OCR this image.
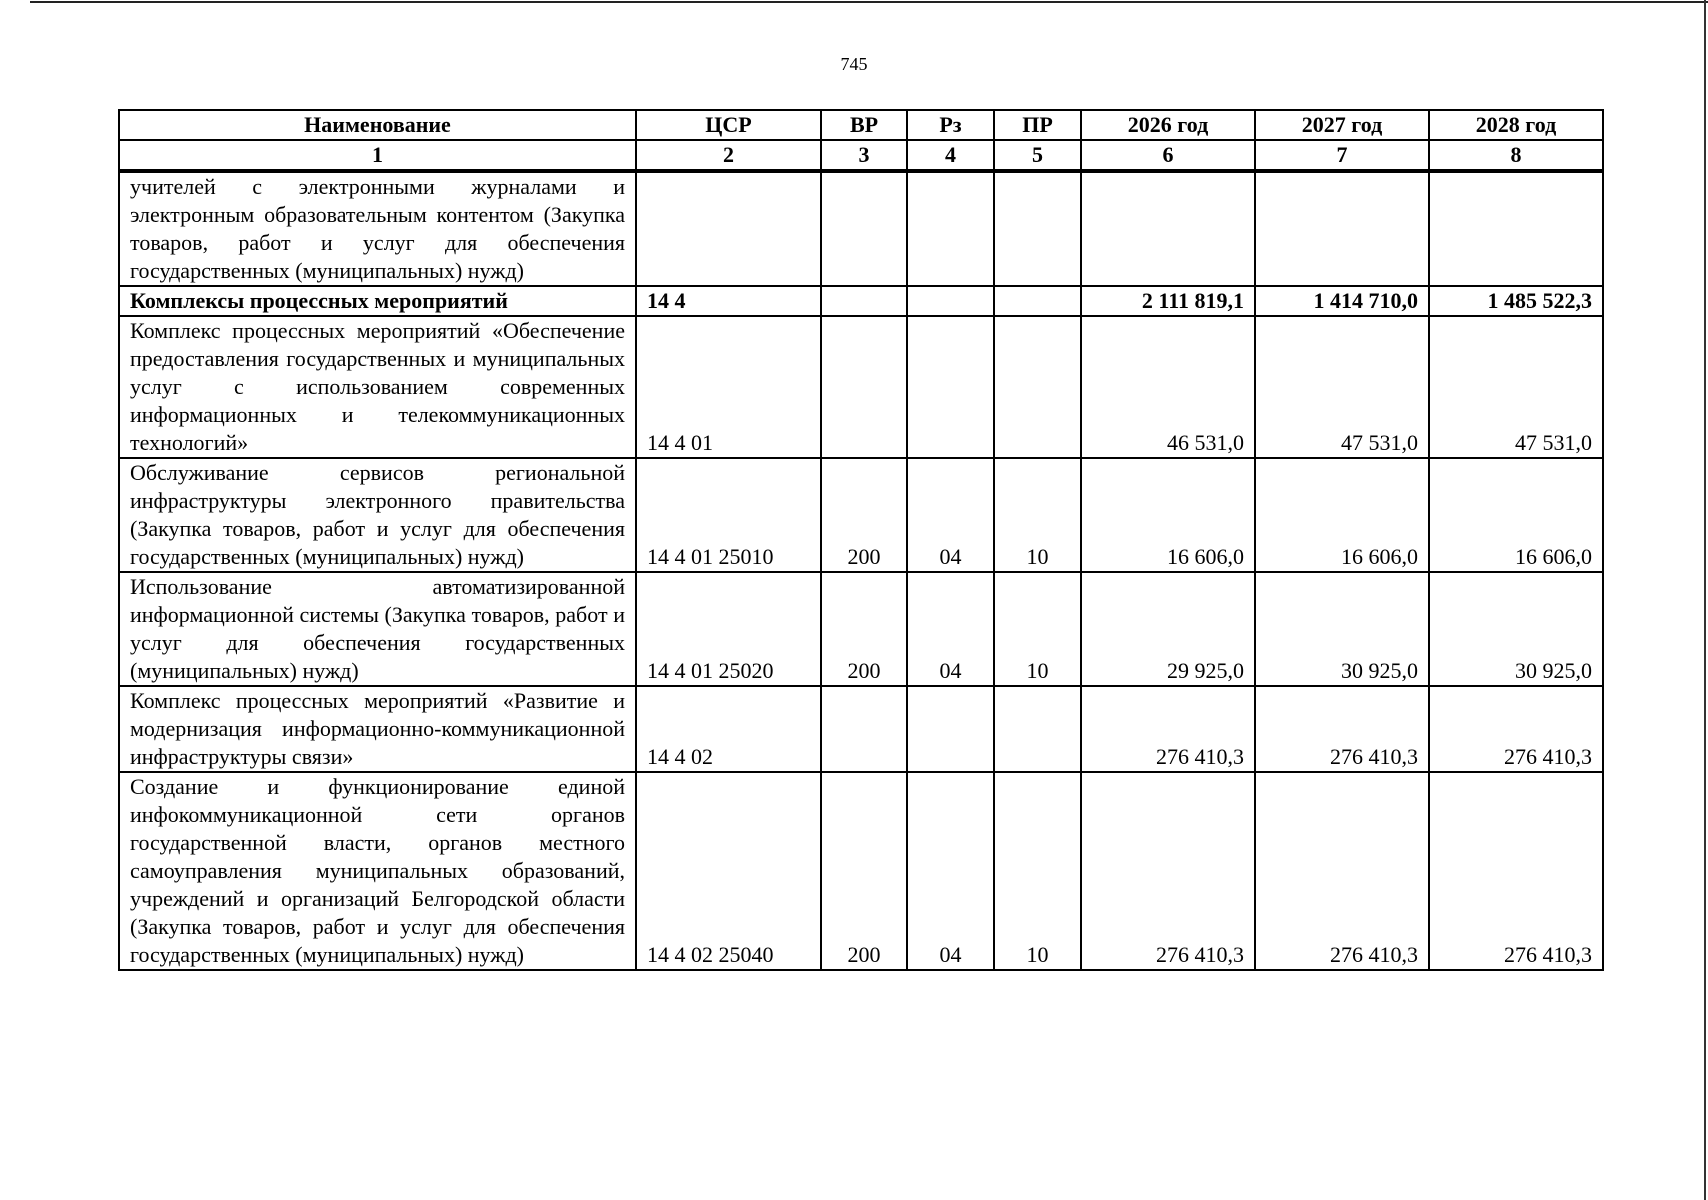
745
Наименование	ЦСР	ВР	Рз	ПР	2026 год	2027 год	2028 год
1	2	3	4	5	6	7	8
учителей с электронными журналами и электронным образовательным контентом (Закупка товаров, работ и услуг для обеспечения государственных (муниципальных) нужд)							
Комплексы процессных мероприятий	14 4				2 111 819,1	1 414 710,0	1 485 522,3
Комплекс процессных мероприятий «Обеспечение предоставления государственных и муниципальных услуг с использованием современных информационных и телекоммуникационных технологий»	14 4 01				46 531,0	47 531,0	47 531,0
Обслуживание сервисов региональной инфраструктуры электронного правительства (Закупка товаров, работ и услуг для обеспечения государственных (муниципальных) нужд)	14 4 01 25010	200	04	10	16 606,0	16 606,0	16 606,0
Использование автоматизированной информационной системы (Закупка товаров, работ и услуг для обеспечения государственных (муниципальных) нужд)	14 4 01 25020	200	04	10	29 925,0	30 925,0	30 925,0
Комплекс процессных мероприятий «Развитие и модернизация информационно-коммуникационной инфраструктуры связи»	14 4 02				276 410,3	276 410,3	276 410,3
Создание и функционирование единой инфокоммуникационной сети органов государственной власти, органов местного самоуправления муниципальных образований, учреждений и организаций Белгородской области (Закупка товаров, работ и услуг для обеспечения государственных (муниципальных) нужд)	14 4 02 25040	200	04	10	276 410,3	276 410,3	276 410,3
